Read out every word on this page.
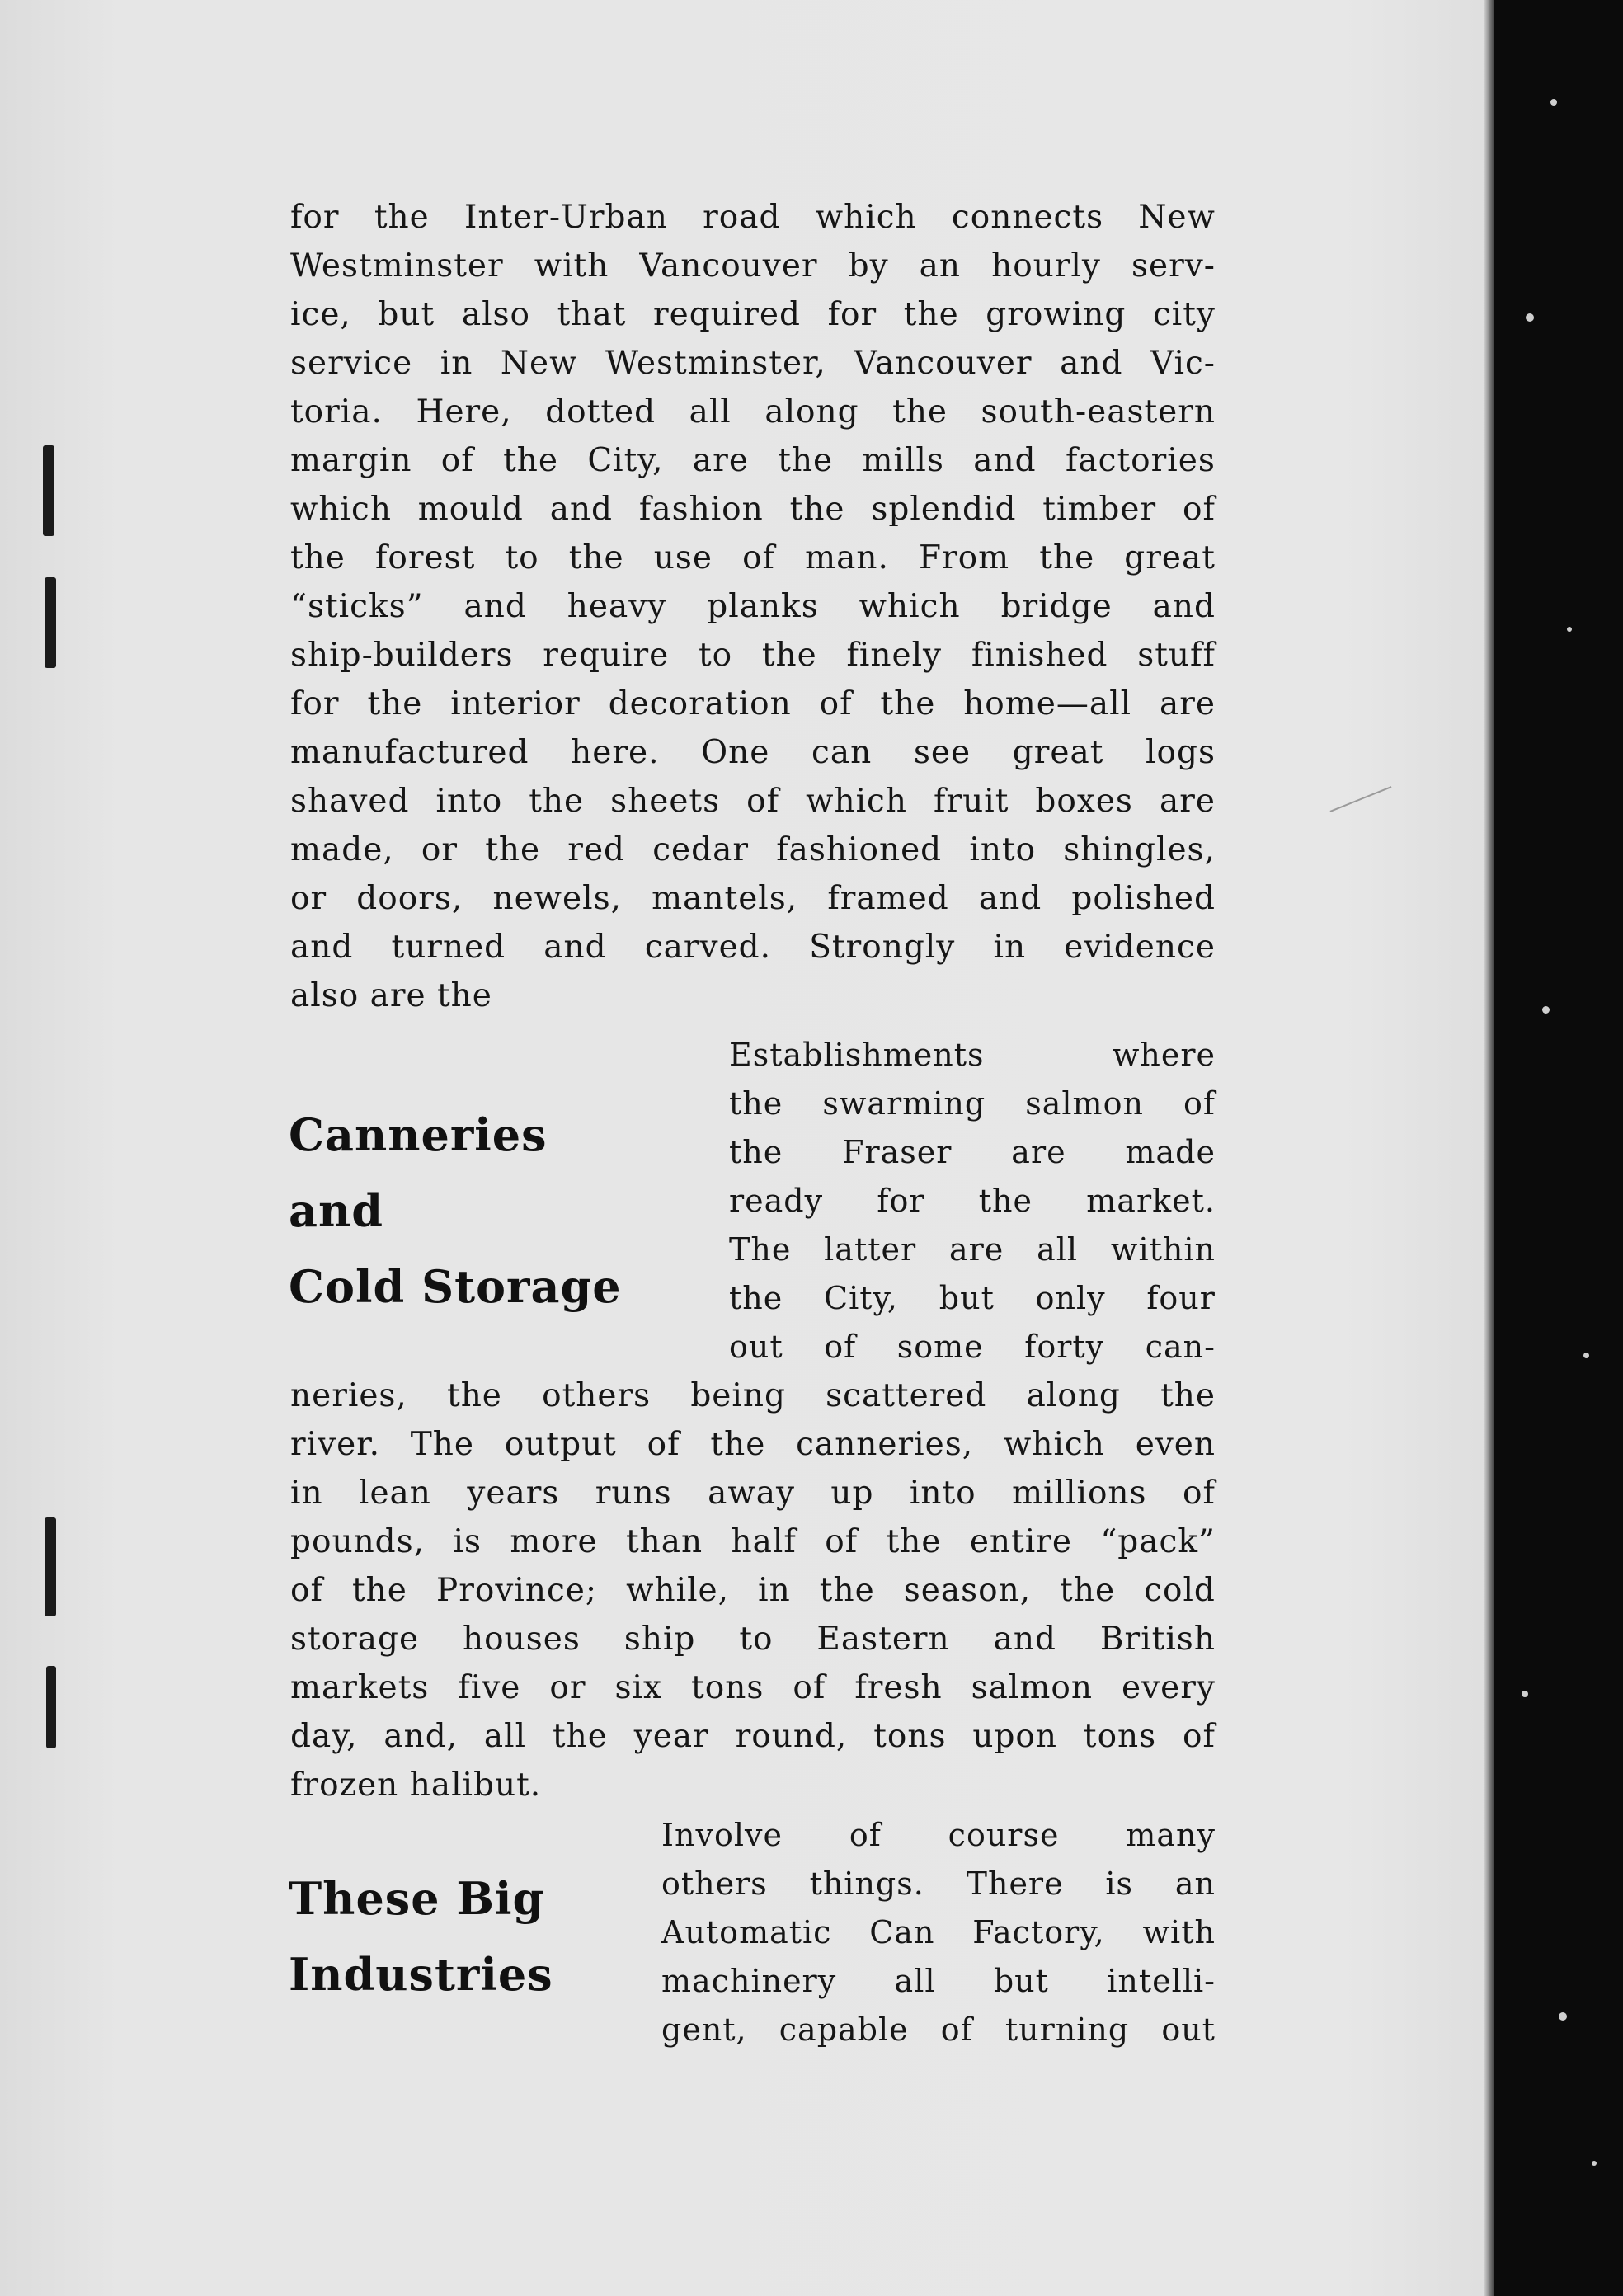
for the Inter-Urban road which connects New
Westminster with Vancouver by an hourly serv-
ice, but also that required for the growing city
service in New Westminster, Vancouver and Vic-
toria. Here, dotted all along the south-eastern
margin of the City, are the mills and factories
which mould and fashion the splendid timber of
the forest to the use of man. From the great
“sticks” and heavy planks which bridge and
ship-builders require to the finely finished stuff
for the interior decoration of the home—all are
manufactured here. One can see great logs
shaved into the sheets of which fruit boxes are
made, or the red cedar fashioned into shingles,
or doors, newels, mantels, framed and polished
and turned and carved. Strongly in evidence
also are the
Canneries
and
Cold Storage
Establishments	where
the swarming salmon of
the Fraser are made
ready for the market.
The latter are all within
the City, but only four
out of some forty can-
neries, the others being scattered along the
river. The output of the canneries, which even
in lean years runs away up into millions of
pounds, is more than half of the entire “pack”
of the Province; while, in the season, the cold
storage houses ship to Eastern and British
markets five or six tons of fresh salmon every
day, and, all the year round, tons upon tons of
frozen halibut.
These Big
Industries
Involve of course many
others things. There is an
Automatic Can Factory, with
machinery all but intelli-
gent, capable of turning out
